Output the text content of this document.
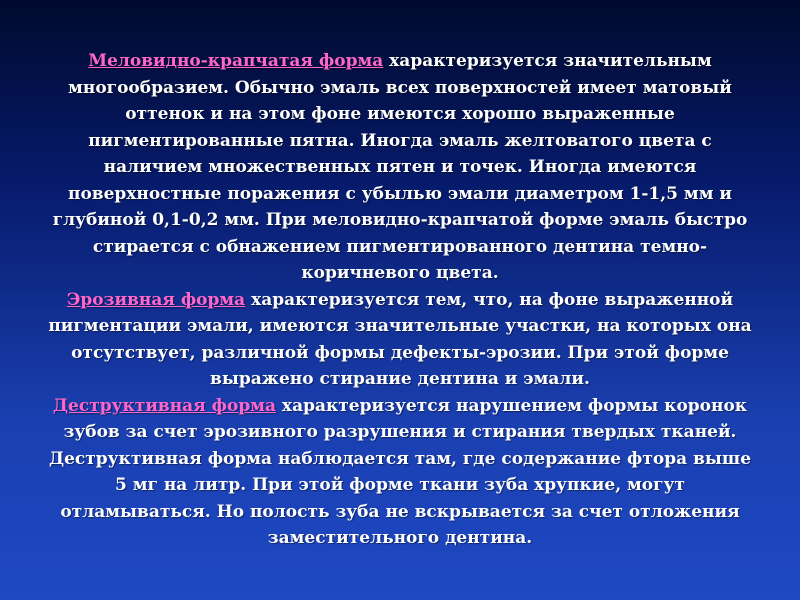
Меловидно-крапчатая форма характеризуется значительным многообразием. Обычно эмаль всех поверхностей имеет матовый оттенок и на этом фоне имеются хорошо выраженные пигментированные пятна. Иногда эмаль желтоватого цвета с наличием множественных пятен и точек. Иногда имеются поверхностные поражения с убылью эмали диаметром 1-1,5 мм и глубиной 0,1-0,2 мм. При меловидно-крапчатой форме эмаль быстро стирается с обнажением пигментированного дентина темно-коричневого цвета.

Эрозивная форма характеризуется тем, что, на фоне выраженной пигментации эмали, имеются значительные участки, на которых она отсутствует, различной формы дефекты-эрозии. При этой форме выражено стирание дентина и эмали.

Деструктивная форма характеризуется нарушением формы коронок зубов за счет эрозивного разрушения и стирания твердых тканей. Деструктивная форма наблюдается там, где содержание фтора выше 5 мг на литр. При этой форме ткани зуба хрупкие, могут отламываться. Но полость зуба не вскрывается за счет отложения заместительного дентина.
